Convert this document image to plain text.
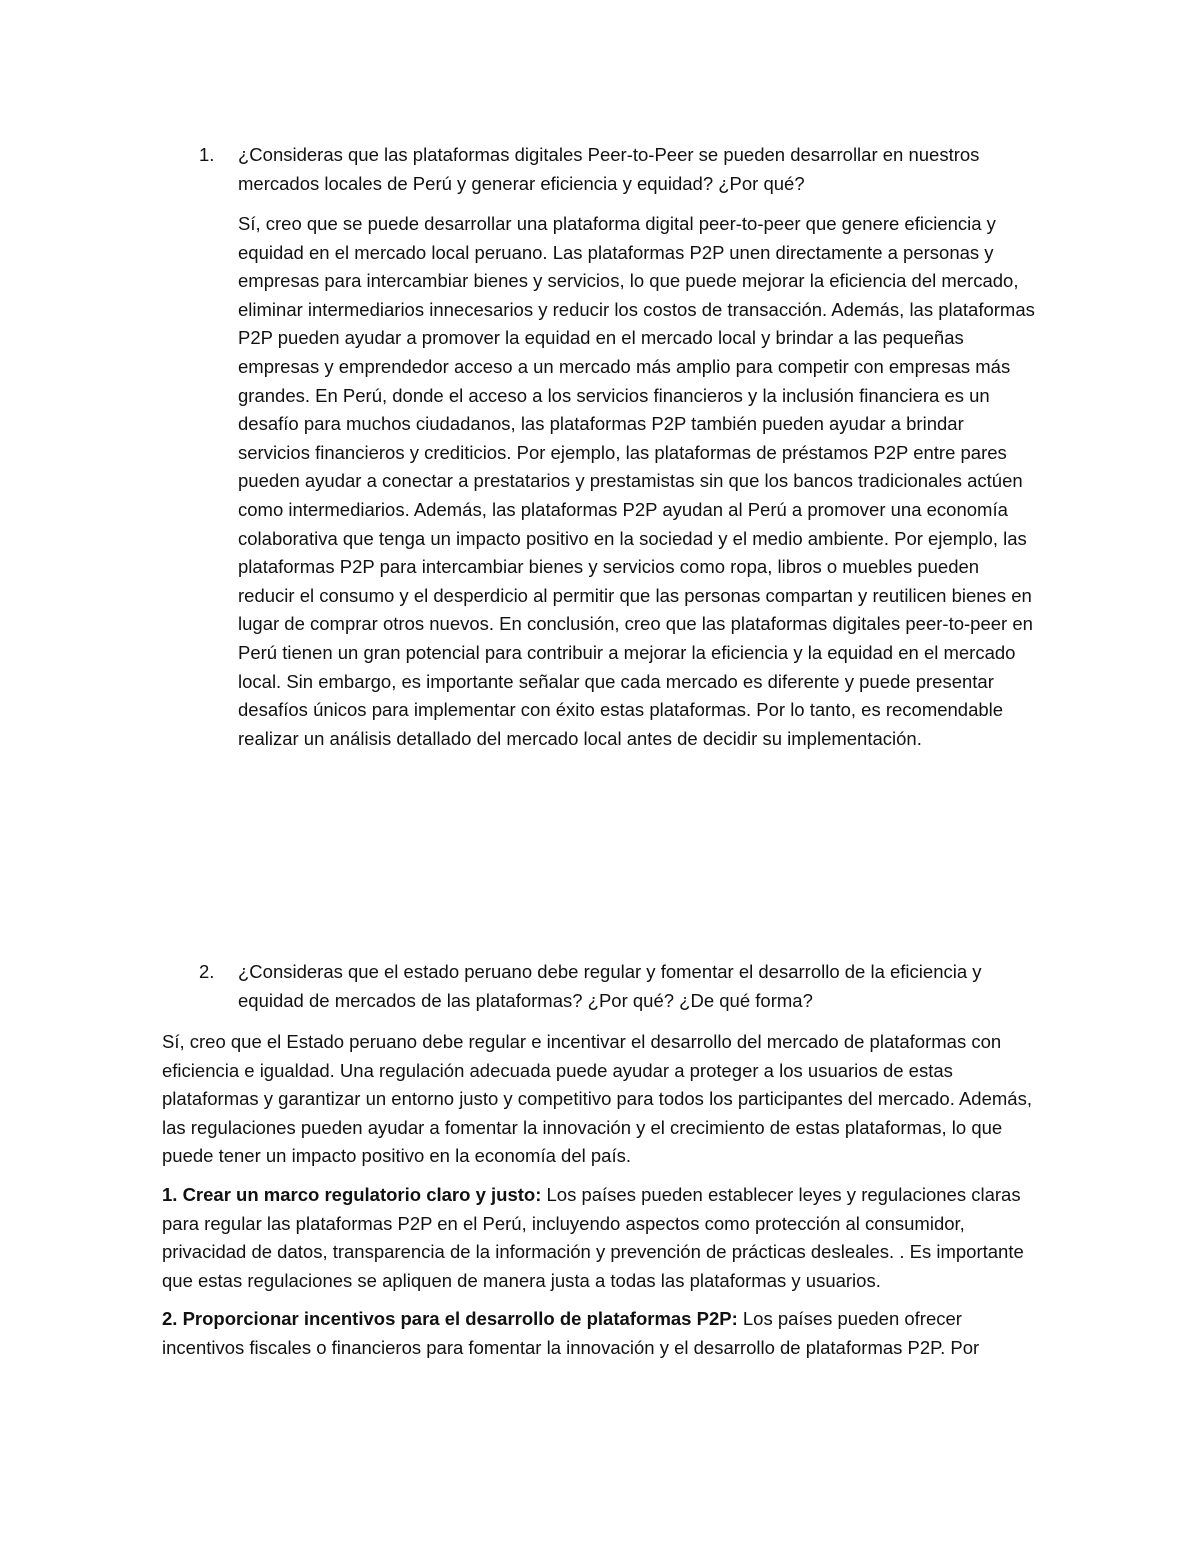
1.	¿Consideras que las plataformas digitales Peer-to-Peer se pueden desarrollar en nuestros mercados locales de Perú y generar eficiencia y equidad? ¿Por qué?
Sí, creo que se puede desarrollar una plataforma digital peer-to-peer que genere eficiencia y equidad en el mercado local peruano. Las plataformas P2P unen directamente a personas y empresas para intercambiar bienes y servicios, lo que puede mejorar la eficiencia del mercado, eliminar intermediarios innecesarios y reducir los costos de transacción. Además, las plataformas P2P pueden ayudar a promover la equidad en el mercado local y brindar a las pequeñas empresas y emprendedor acceso a un mercado más amplio para competir con empresas más grandes. En Perú, donde el acceso a los servicios financieros y la inclusión financiera es un desafío para muchos ciudadanos, las plataformas P2P también pueden ayudar a brindar servicios financieros y crediticios. Por ejemplo, las plataformas de préstamos P2P entre pares pueden ayudar a conectar a prestatarios y prestamistas sin que los bancos tradicionales actúen como intermediarios. Además, las plataformas P2P ayudan al Perú a promover una economía colaborativa que tenga un impacto positivo en la sociedad y el medio ambiente. Por ejemplo, las plataformas P2P para intercambiar bienes y servicios como ropa, libros o muebles pueden reducir el consumo y el desperdicio al permitir que las personas compartan y reutilicen bienes en lugar de comprar otros nuevos. En conclusión, creo que las plataformas digitales peer-to-peer en Perú tienen un gran potencial para contribuir a mejorar la eficiencia y la equidad en el mercado local. Sin embargo, es importante señalar que cada mercado es diferente y puede presentar desafíos únicos para implementar con éxito estas plataformas. Por lo tanto, es recomendable realizar un análisis detallado del mercado local antes de decidir su implementación.
2.	¿Consideras que el estado peruano debe regular y fomentar el desarrollo de la eficiencia y equidad de mercados de las plataformas? ¿Por qué? ¿De qué forma?

Sí, creo que el Estado peruano debe regular e incentivar el desarrollo del mercado de plataformas con eficiencia e igualdad. Una regulación adecuada puede ayudar a proteger a los usuarios de estas plataformas y garantizar un entorno justo y competitivo para todos los participantes del mercado. Además, las regulaciones pueden ayudar a fomentar la innovación y el crecimiento de estas plataformas, lo que puede tener un impacto positivo en la economía del país.

1. Crear un marco regulatorio claro y justo: Los países pueden establecer leyes y regulaciones claras para regular las plataformas P2P en el Perú, incluyendo aspectos como protección al consumidor, privacidad de datos, transparencia de la información y prevención de prácticas desleales. . Es importante que estas regulaciones se apliquen de manera justa a todas las plataformas y usuarios.

2. Proporcionar incentivos para el desarrollo de plataformas P2P: Los países pueden ofrecer incentivos fiscales o financieros para fomentar la innovación y el desarrollo de plataformas P2P. Por
